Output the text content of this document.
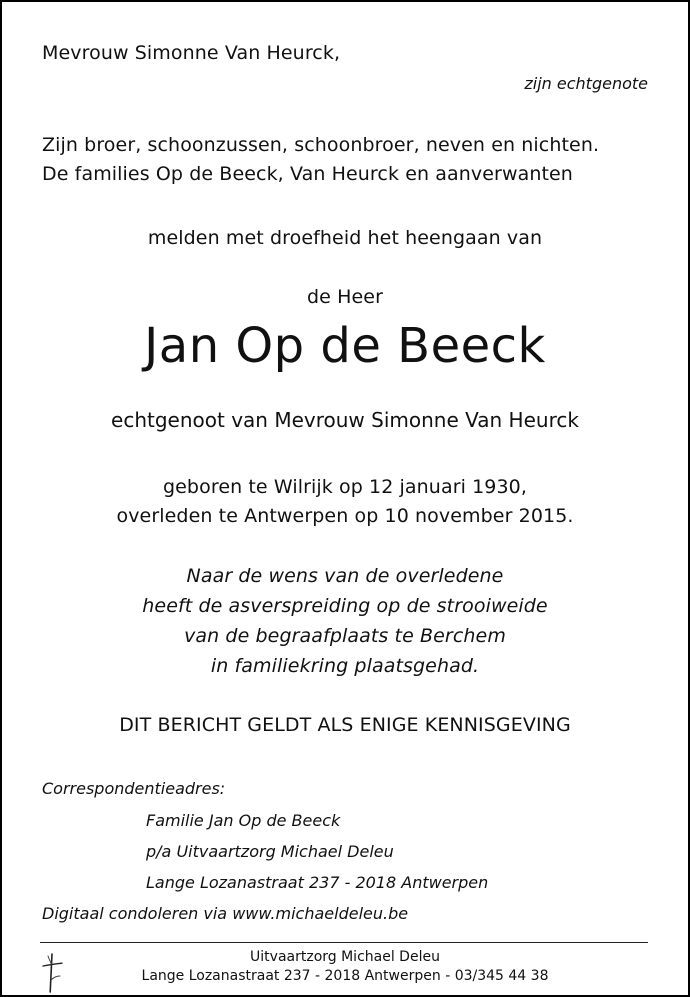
Mevrouw Simonne Van Heurck,
zijn echtgenote
Zijn broer, schoonzussen, schoonbroer, neven en nichten.
De families Op de Beeck, Van Heurck en aanverwanten
melden met droefheid het heengaan van
de Heer
Jan Op de Beeck
echtgenoot van Mevrouw Simonne Van Heurck
geboren te Wilrijk op 12 januari 1930,
overleden te Antwerpen op 10 november 2015.
Naar de wens van de overledene
heeft de asverspreiding op de strooiweide
van de begraafplaats te Berchem
in familiekring plaatsgehad.
DIT BERICHT GELDT ALS ENIGE KENNISGEVING
Correspondentieadres:
Familie Jan Op de Beeck
p/a Uitvaartzorg Michael Deleu
Lange Lozanastraat 237 - 2018 Antwerpen
Digitaal condoleren via www.michaeldeleu.be
Uitvaartzorg Michael Deleu
Lange Lozanastraat 237 - 2018 Antwerpen - 03/345 44 38
